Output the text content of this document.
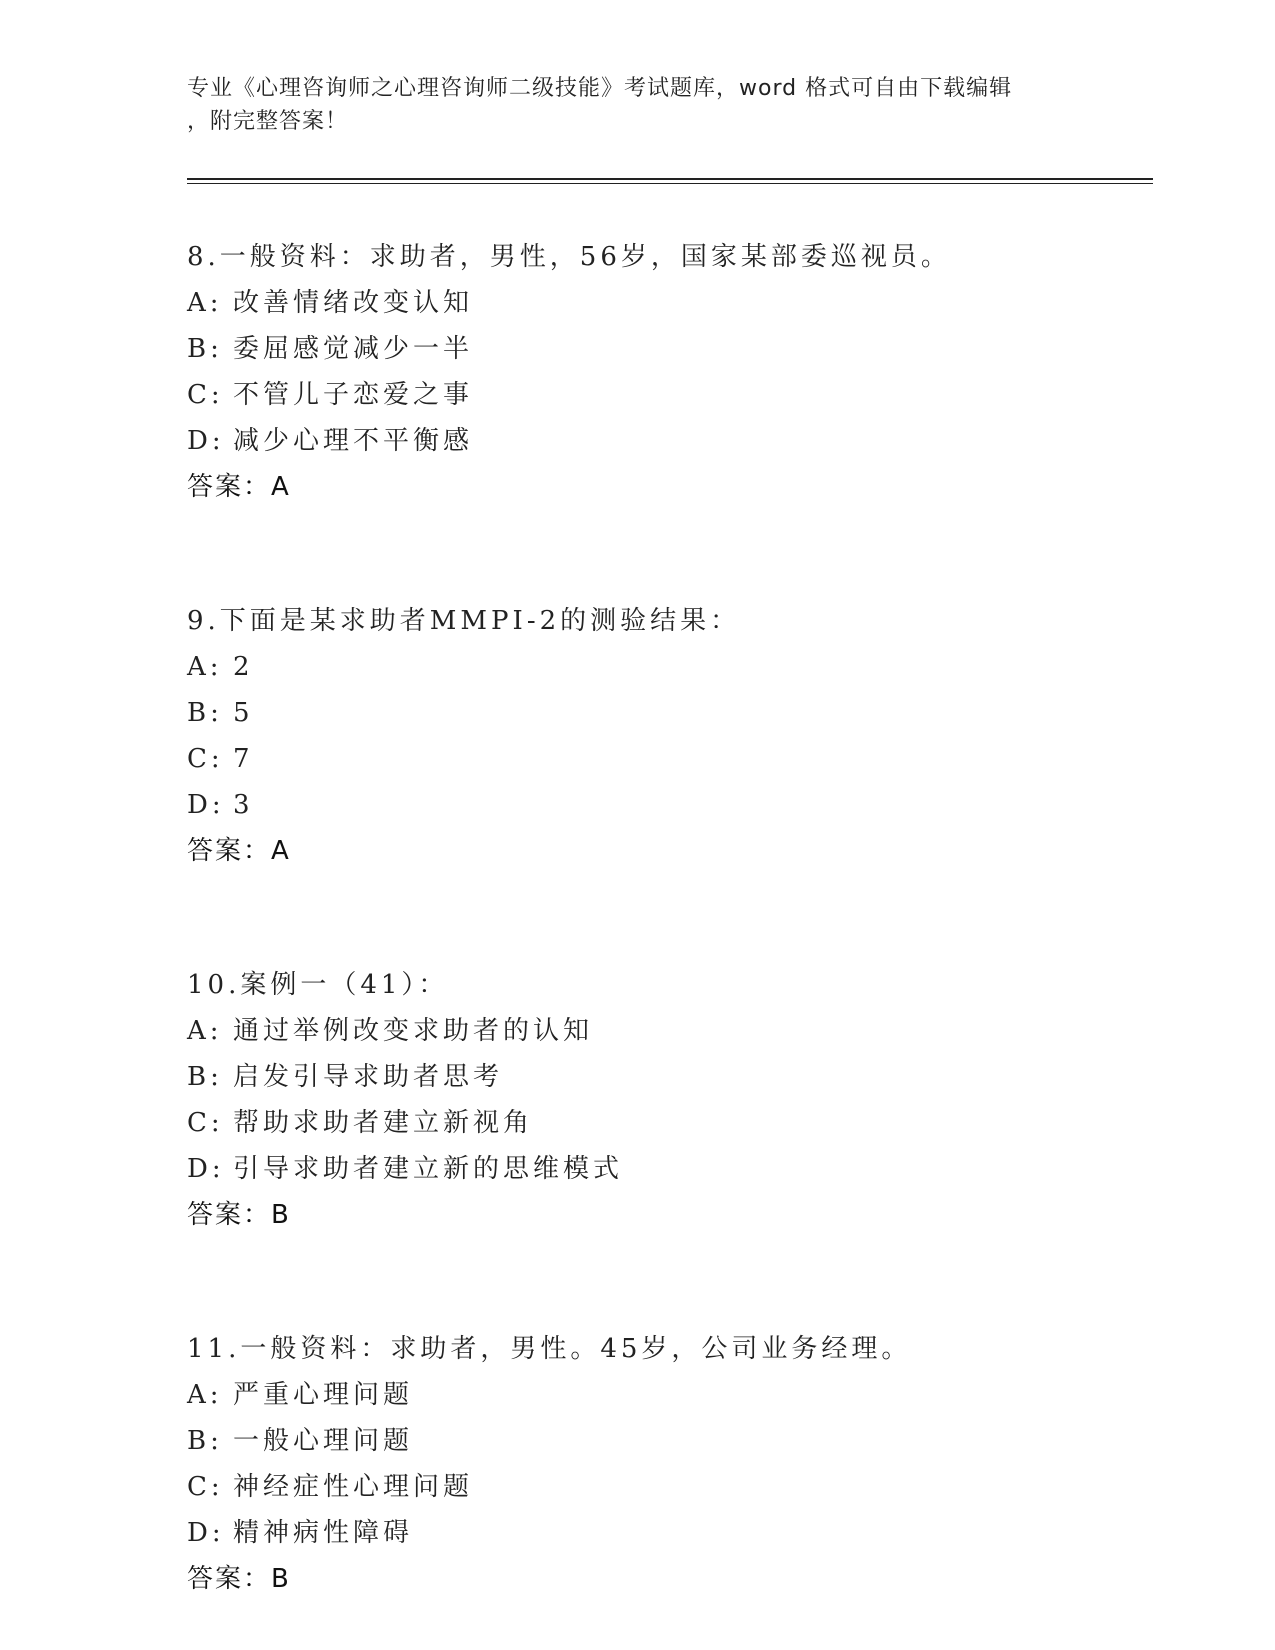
专业《心理咨询师之心理咨询师二级技能》考试题库，word 格式可自由下载编辑
，附完整答案！
8.一般资料：求助者，男性，56岁，国家某部委巡视员。
A: 改善情绪改变认知
B: 委屈感觉减少一半
C: 不管儿子恋爱之事
D: 减少心理不平衡感
答案：A
9.下面是某求助者MMPI-2的测验结果：
A: 2
B: 5
C: 7
D: 3
答案：A
10.案例一（41）：
A: 通过举例改变求助者的认知
B: 启发引导求助者思考
C: 帮助求助者建立新视角
D: 引导求助者建立新的思维模式
答案：B
11.一般资料：求助者，男性。45岁，公司业务经理。
A: 严重心理问题
B: 一般心理问题
C: 神经症性心理问题
D: 精神病性障碍
答案：B
